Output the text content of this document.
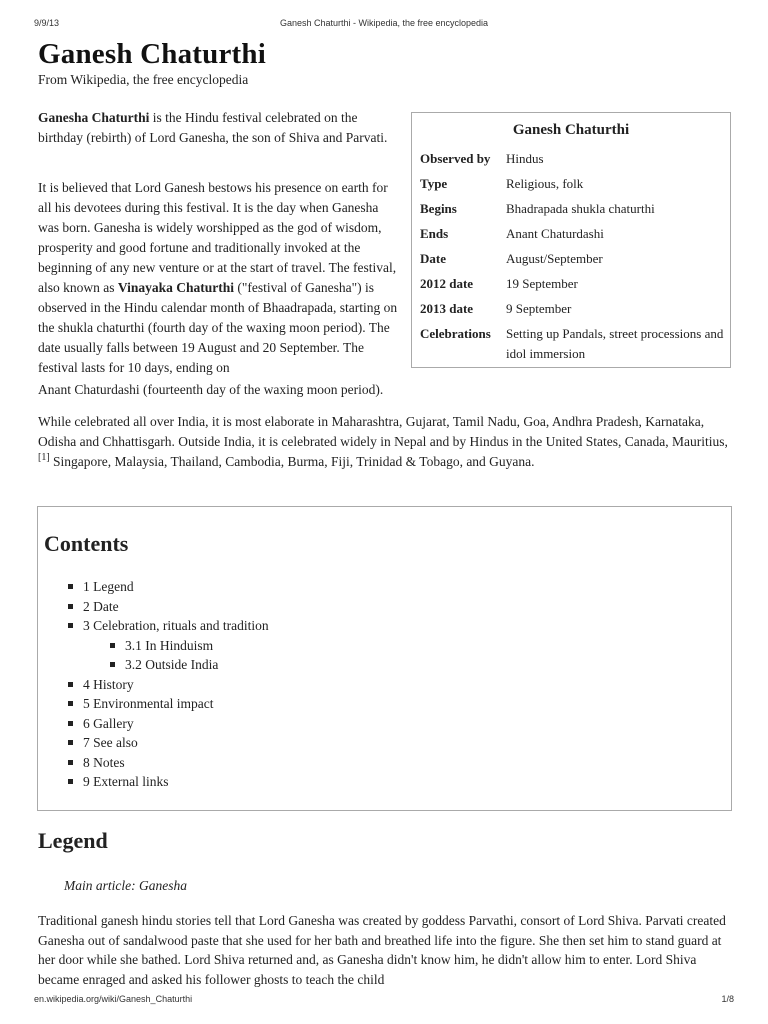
9/9/13	Ganesh Chaturthi - Wikipedia, the free encyclopedia
Ganesh Chaturthi
From Wikipedia, the free encyclopedia

Ganesha Chaturthi is the Hindu festival celebrated on the birthday (rebirth) of Lord Ganesha, the son of Shiva and Parvati.

It is believed that Lord Ganesh bestows his presence on earth for all his devotees during this festival. It is the day when Ganesha was born. Ganesha is widely worshipped as the god of wisdom, prosperity and good fortune and traditionally invoked at the beginning of any new venture or at the start of travel. The festival, also known as Vinayaka Chaturthi ("festival of Ganesha") is observed in the Hindu calendar month of Bhaadrapada, starting on the shukla chaturthi (fourth day of the waxing moon period). The date usually falls between 19 August and 20 September. The festival lasts for 10 days, ending on

Anant Chaturdashi (fourteenth day of the waxing moon period).

While celebrated all over India, it is most elaborate in Maharashtra, Gujarat, Tamil Nadu, Goa, Andhra Pradesh, Karnataka, Odisha and Chhattisgarh. Outside India, it is celebrated widely in Nepal and by Hindus in the United States, Canada, Mauritius,[1] Singapore, Malaysia, Thailand, Cambodia, Burma, Fiji, Trinidad & Tobago, and Guyana.

Ganesh Chaturthi
Observed by	Hindus
Type	Religious, folk
Begins	Bhadrapada shukla chaturthi
Ends	Anant Chaturdashi
Date	August/September
2012 date	19 September
2013 date	9 September
Celebrations	Setting up Pandals, street processions and idol immersion
Contents
1 Legend
2 Date
3 Celebration, rituals and tradition
3.1 In Hinduism
3.2 Outside India
4 History
5 Environmental impact
6 Gallery
7 See also
8 Notes
9 External links
Legend
Main article: Ganesha

Traditional ganesh hindu stories tell that Lord Ganesha was created by goddess Parvathi, consort of Lord Shiva. Parvati created Ganesha out of sandalwood paste that she used for her bath and breathed life into the figure. She then set him to stand guard at her door while she bathed. Lord Shiva returned and, as Ganesha didn't know him, he didn't allow him to enter. Lord Shiva became enraged and asked his follower ghosts to teach the child

en.wikipedia.org/wiki/Ganesh_Chaturthi	1/8
